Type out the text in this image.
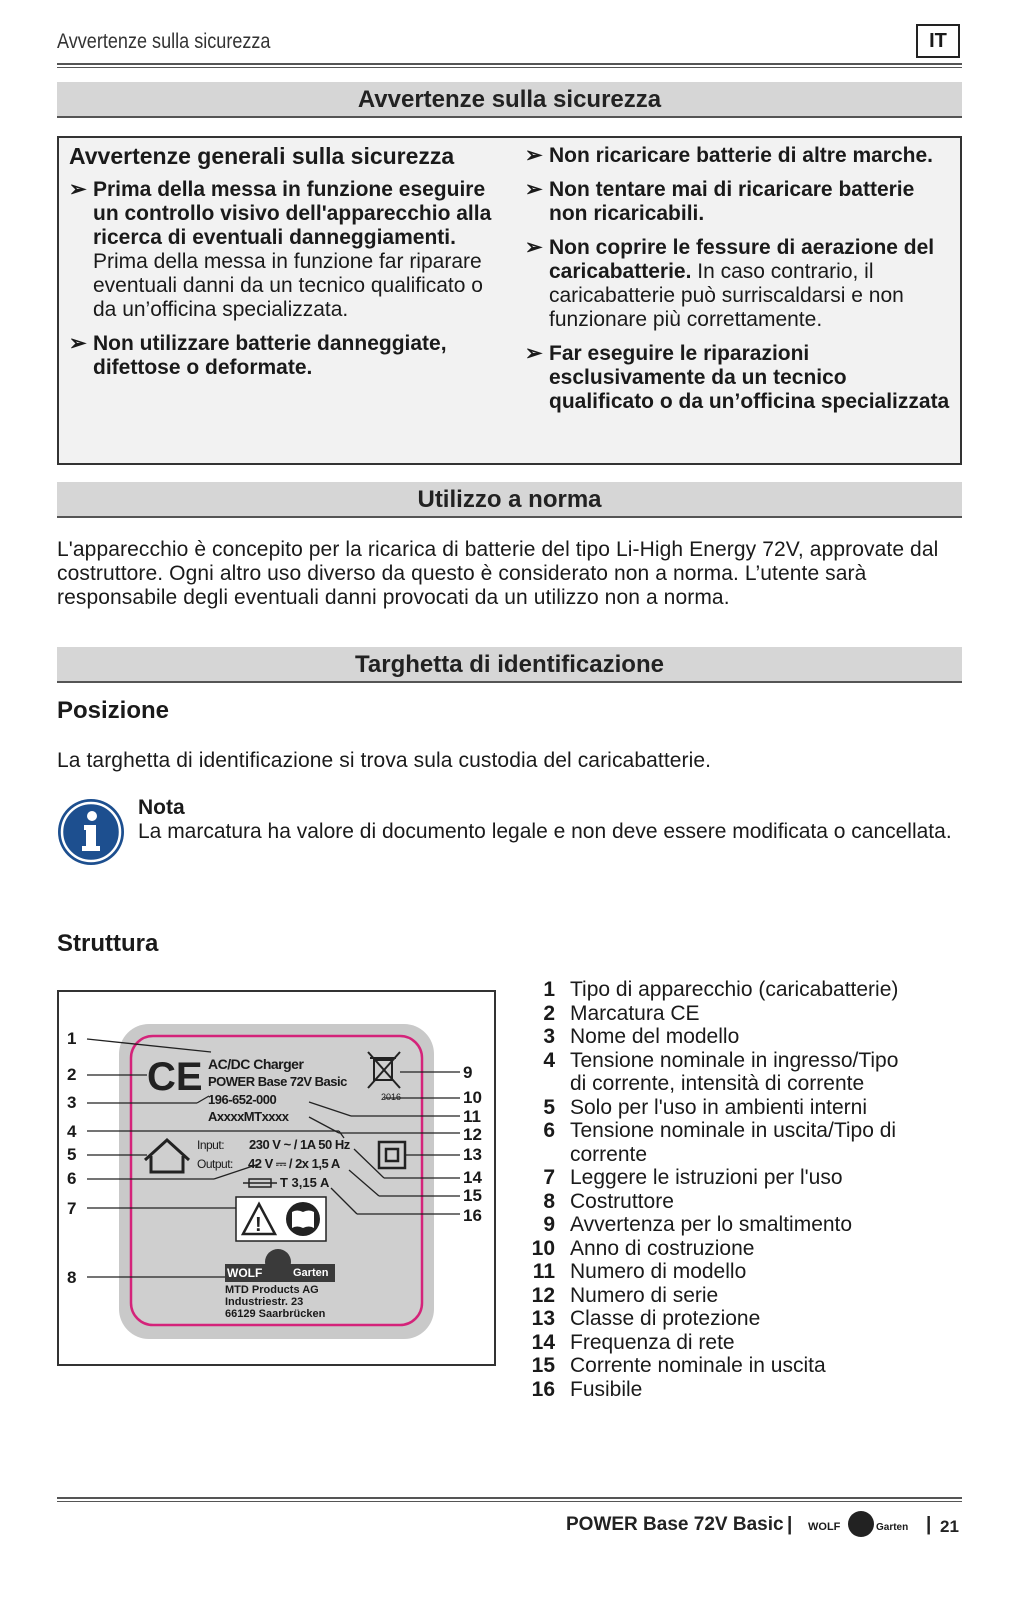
Avvertenze sulla sicurezza	IT
Avvertenze sulla sicurezza
Avvertenze generali sulla sicurezza
➢ Prima della messa in funzione eseguire un controllo visivo dell'apparecchio alla ricerca di eventuali danneggiamenti. Prima della messa in funzione far riparare eventuali danni da un tecnico qualificato o da un’officina specializzata.
➢ Non utilizzare batterie danneggiate, difettose o deformate.
➢ Non ricaricare batterie di altre marche.
➢ Non tentare mai di ricaricare batterie non ricaricabili.
➢ Non coprire le fessure di aerazione del caricabatterie. In caso contrario, il caricabatterie può surriscaldarsi e non funzionare più correttamente.
➢ Far eseguire le riparazioni esclusivamente da un tecnico qualificato o da un’officina specializzata
Utilizzo a norma
L'apparecchio è concepito per la ricarica di batterie del tipo Li-High Energy 72V, approvate dal costruttore. Ogni altro uso diverso da questo è considerato non a norma. L’utente sarà responsabile degli eventuali danni provocati da un utilizzo non a norma.
Targhetta di identificazione
Posizione
La targhetta di identificazione si trova sula custodia del caricabatterie.
Nota
La marcatura ha valore di documento legale e non deve essere modificata o cancellata.
Struttura
CE
!
AC/DC Charger
POWER Base 72V Basic
196-652-000
AxxxxMTxxxx
2016
Input: 230 V ~ / 1A 50 Hz
Output: 42 V ⎓ / 2x 1,5 A
T 3,15 A
WOLF	Garten
MTD Products AG
Industriestr. 23
66129 Saarbrücken
1
2
3
4
5
6
7
8
9
10
11
12
13
14
15
16
1 Tipo di apparecchio (caricabatterie)
2 Marcatura CE
3 Nome del modello
4 Tensione nominale in ingresso/Tipo
di corrente, intensità di corrente
5 Solo per l'uso in ambienti interni
6 Tensione nominale in uscita/Tipo di
corrente
7 Leggere le istruzioni per l'uso
8 Costruttore
9 Avvertenza per lo smaltimento
10 Anno di costruzione
11 Numero di modello
12 Numero di serie
13 Classe di protezione
14 Frequenza di rete
15 Corrente nominale in uscita
16 Fusibile
POWER Base 72V Basic | WOLF	Garten | 21
